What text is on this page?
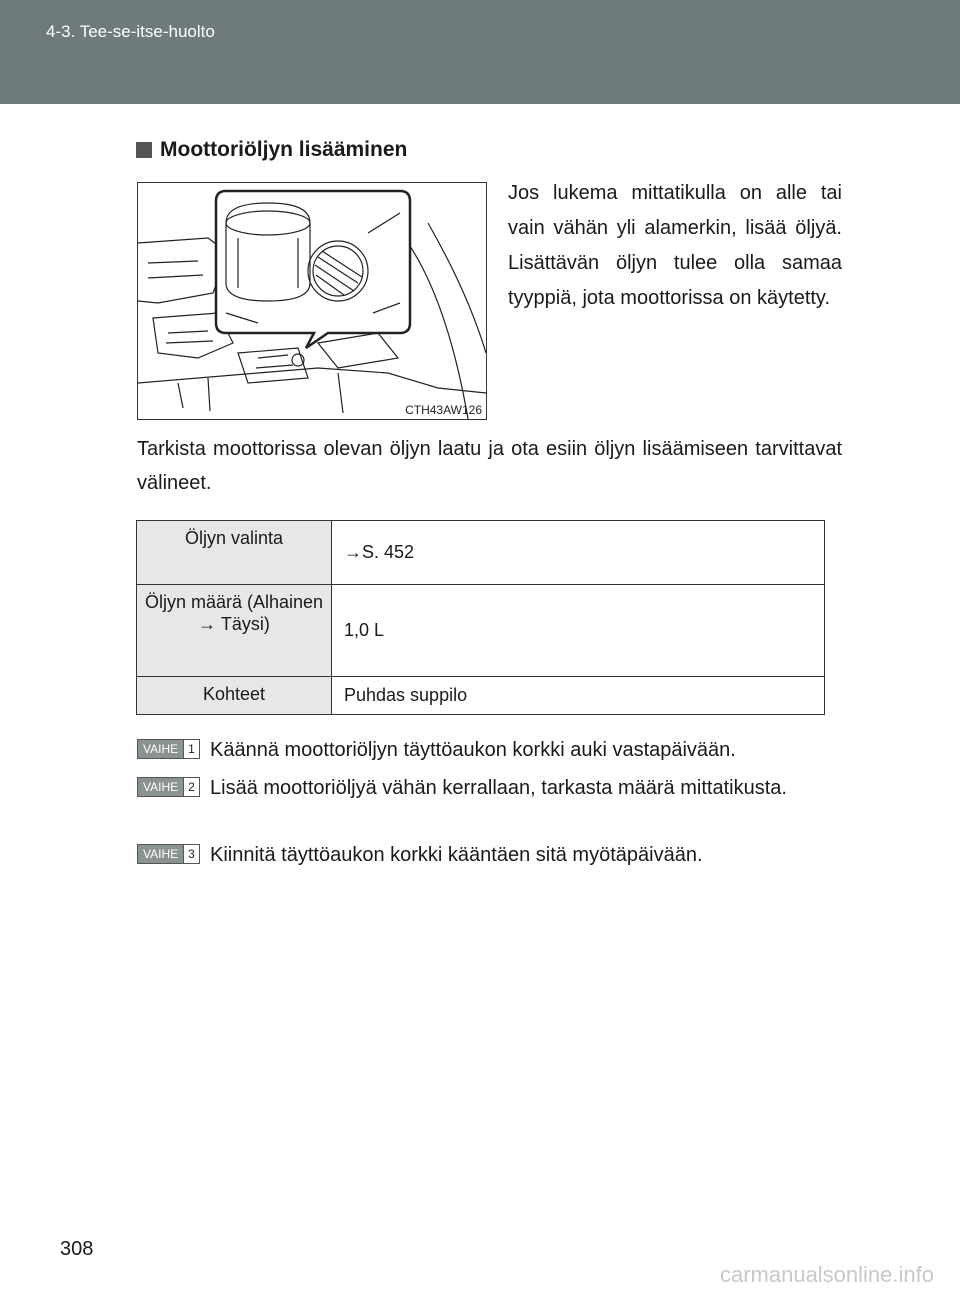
4-3. Tee-se-itse-huolto
Moottoriöljyn lisääminen
CTH43AW126
Jos lukema mittatikulla on alle tai vain vähän yli alamerkin, lisää öljyä. Lisättävän öljyn tulee olla samaa tyyppiä, jota moottorissa on käytetty.
Tarkista moottorissa olevan öljyn laatu ja ota esiin öljyn lisäämiseen tarvittavat välineet.
Öljyn valinta	→S. 452
Öljyn määrä (Alhainen → Täysi)	1,0 L
Kohteet	Puhdas suppilo
VAIHE 1 Käännä moottoriöljyn täyttöaukon korkki auki vastapäivään.
VAIHE 2 Lisää moottoriöljyä vähän kerrallaan, tarkasta määrä mittatikusta.
VAIHE 3 Kiinnitä täyttöaukon korkki kääntäen sitä myötäpäivään.
308
carmanualsonline.info
